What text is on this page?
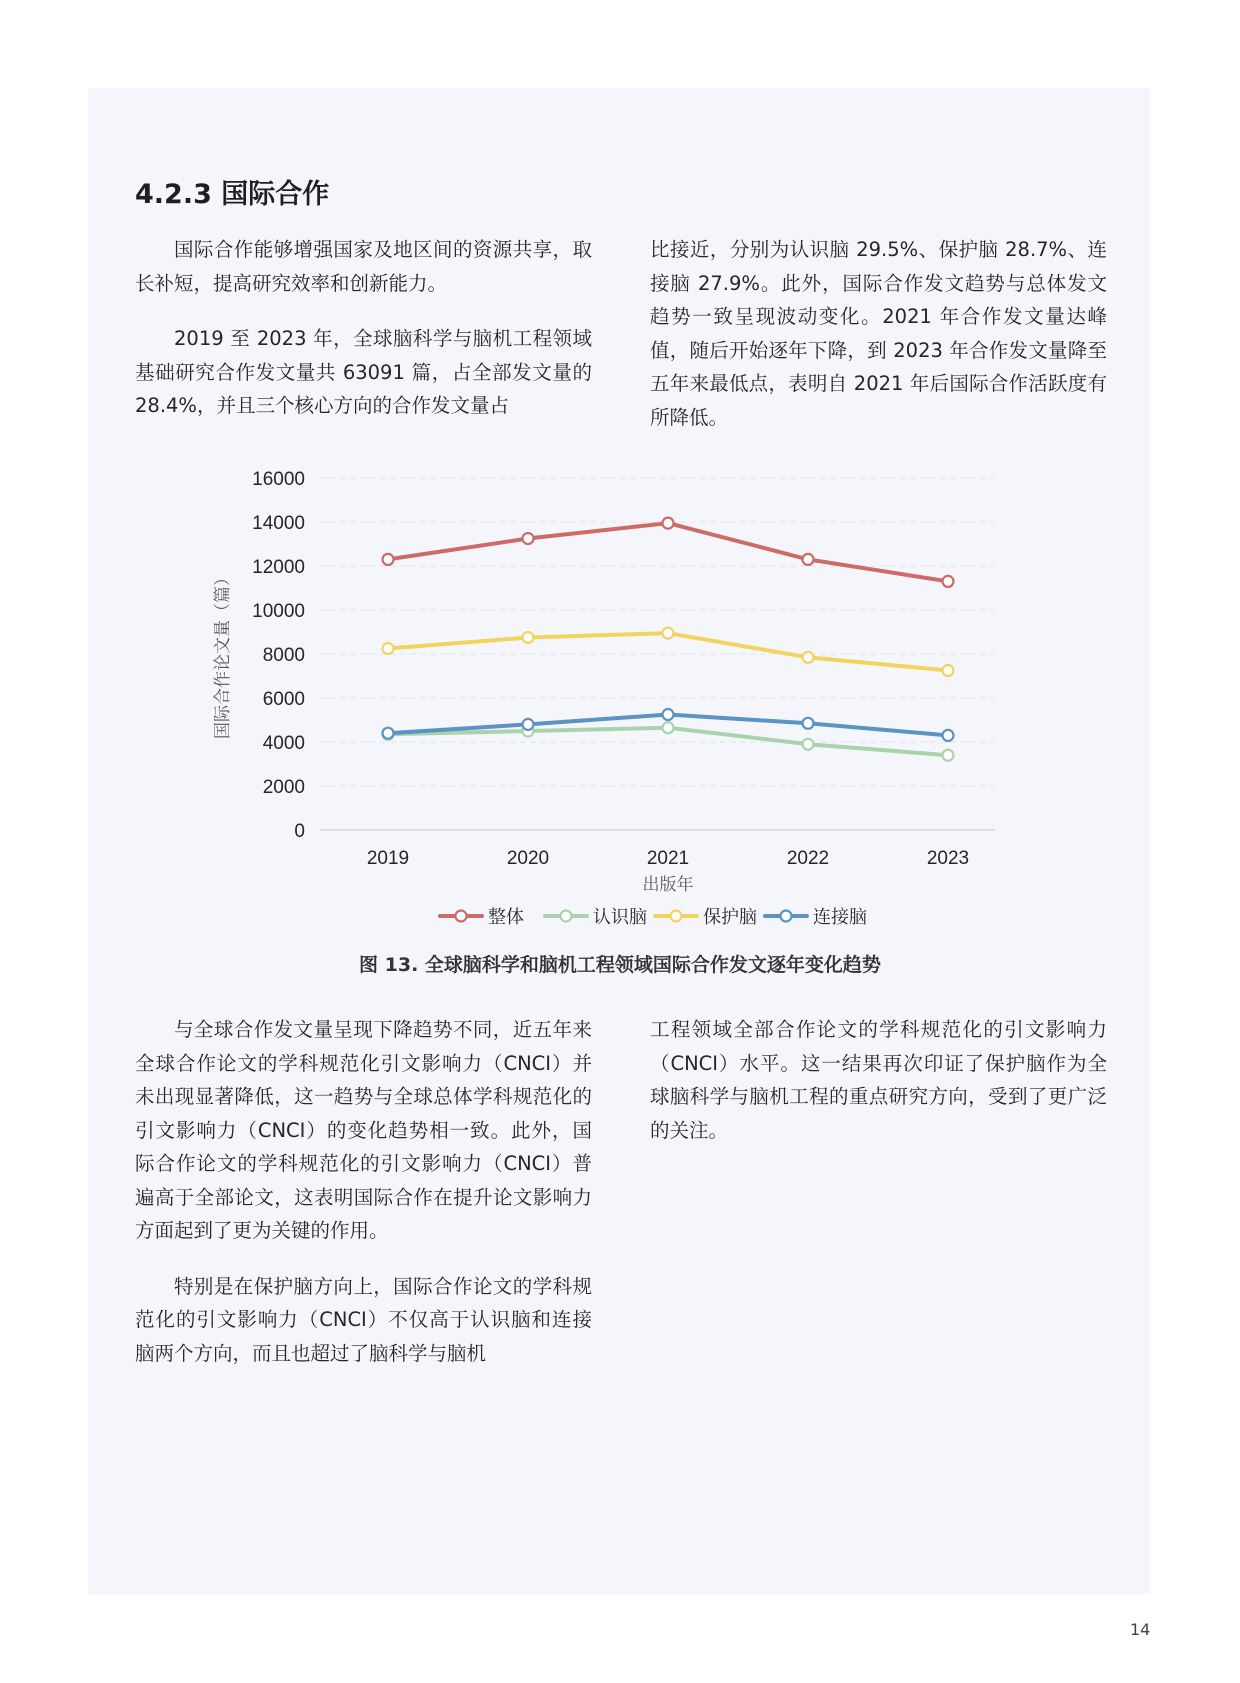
4.2.3 国际合作

国际合作能够增强国家及地区间的资源共享，取长补短，提高研究效率和创新能力。

2019 至 2023 年，全球脑科学与脑机工程领域基础研究合作发文量共 63091 篇，占全部发文量的 28.4%，并且三个核心方向的合作发文量占

比接近，分别为认识脑 29.5%、保护脑 28.7%、连接脑 27.9%。此外，国际合作发文趋势与总体发文趋势一致呈现波动变化。2021 年合作发文量达峰值，随后开始逐年下降，到 2023 年合作发文量降至五年来最低点，表明自 2021 年后国际合作活跃度有所降低。

0
2000
4000
6000
8000
10000
12000
14000
16000
2019	2020	2021	2022	2023
出版年
国际合作论文量（篇）
整体	认识脑	保护脑	连接脑
图 13. 全球脑科学和脑机工程领域国际合作发文逐年变化趋势

与全球合作发文量呈现下降趋势不同，近五年来全球合作论文的学科规范化引文影响力（CNCI）并未出现显著降低，这一趋势与全球总体学科规范化的引文影响力（CNCI）的变化趋势相一致。此外，国际合作论文的学科规范化的引文影响力（CNCI）普遍高于全部论文，这表明国际合作在提升论文影响力方面起到了更为关键的作用。

特别是在保护脑方向上，国际合作论文的学科规范化的引文影响力（CNCI）不仅高于认识脑和连接脑两个方向，而且也超过了脑科学与脑机

工程领域全部合作论文的学科规范化的引文影响力（CNCI）水平。这一结果再次印证了保护脑作为全球脑科学与脑机工程的重点研究方向，受到了更广泛的关注。

14
